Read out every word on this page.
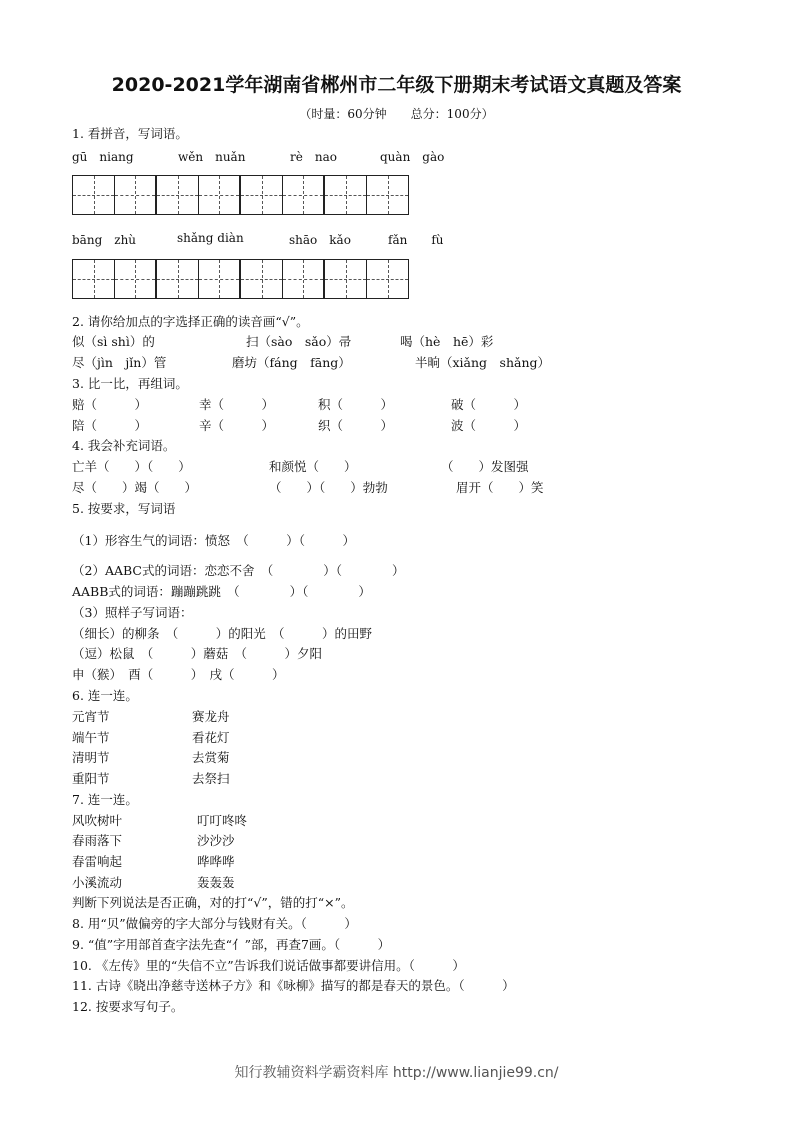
2020-2021学年湖南省郴州市二年级下册期末考试语文真题及答案
（时量：60分钟　　总分：100分）
1. 看拼音，写词语。
gū　niang	wěn　nuǎn	rè　nao	quàn　gào
bāng　zhù	shǎng diàn	shāo　kǎo	fǎn　　fù
2. 请你给加点的字选择正确的读音画“√”。
似（sì shì）的	扫（sào　sǎo）帚	喝（hè　hē）彩
尽（jìn　jǐn）管	磨坊（fáng　fāng）	半晌（xiǎng　shǎng）
3. 比一比，再组词。
赔（　　　）	幸（　　　）	积（　　　）	破（　　　）
陪（　　　）	辛（　　　）	织（　　　）	波（　　　）
4. 我会补充词语。
亡羊（　　）（　　）	和颜悦（　　）	（　　）发图强
尽（　　）竭（　　）	（　　）（　　）勃勃	眉开（　　）笑
5. 按要求，写词语
（1）形容生气的词语：愤怒　（　　　）（　　　）
（2）AABC式的词语：恋恋不舍　（　　　　）（　　　　）
AABB式的词语：蹦蹦跳跳　（　　　　）（　　　　）
（3）照样子写词语：
（细长）的柳条　（　　　）的阳光　（　　　）的田野
（逗）松鼠　（　　　）蘑菇　（　　　）夕阳
申（猴）　酉（　　　）　戌（　　　）
6. 连一连。
元宵节	赛龙舟
端午节	看花灯
清明节	去赏菊
重阳节	去祭扫
7. 连一连。
风吹树叶	叮叮咚咚
春雨落下	沙沙沙
春雷响起	哗哗哗
小溪流动	轰轰轰
判断下列说法是否正确，对的打“√”，错的打“×”。
8. 用“贝”做偏旁的字大部分与钱财有关。（　　　）
9. “值”字用部首查字法先查“亻”部，再查7画。（　　　）
10. 《左传》里的“失信不立”告诉我们说话做事都要讲信用。（　　　）
11. 古诗《晓出净慈寺送林子方》和《咏柳》描写的都是春天的景色。（　　　）
12. 按要求写句子。
知行教辅资料学霸资料库 http://www.lianjie99.cn/
